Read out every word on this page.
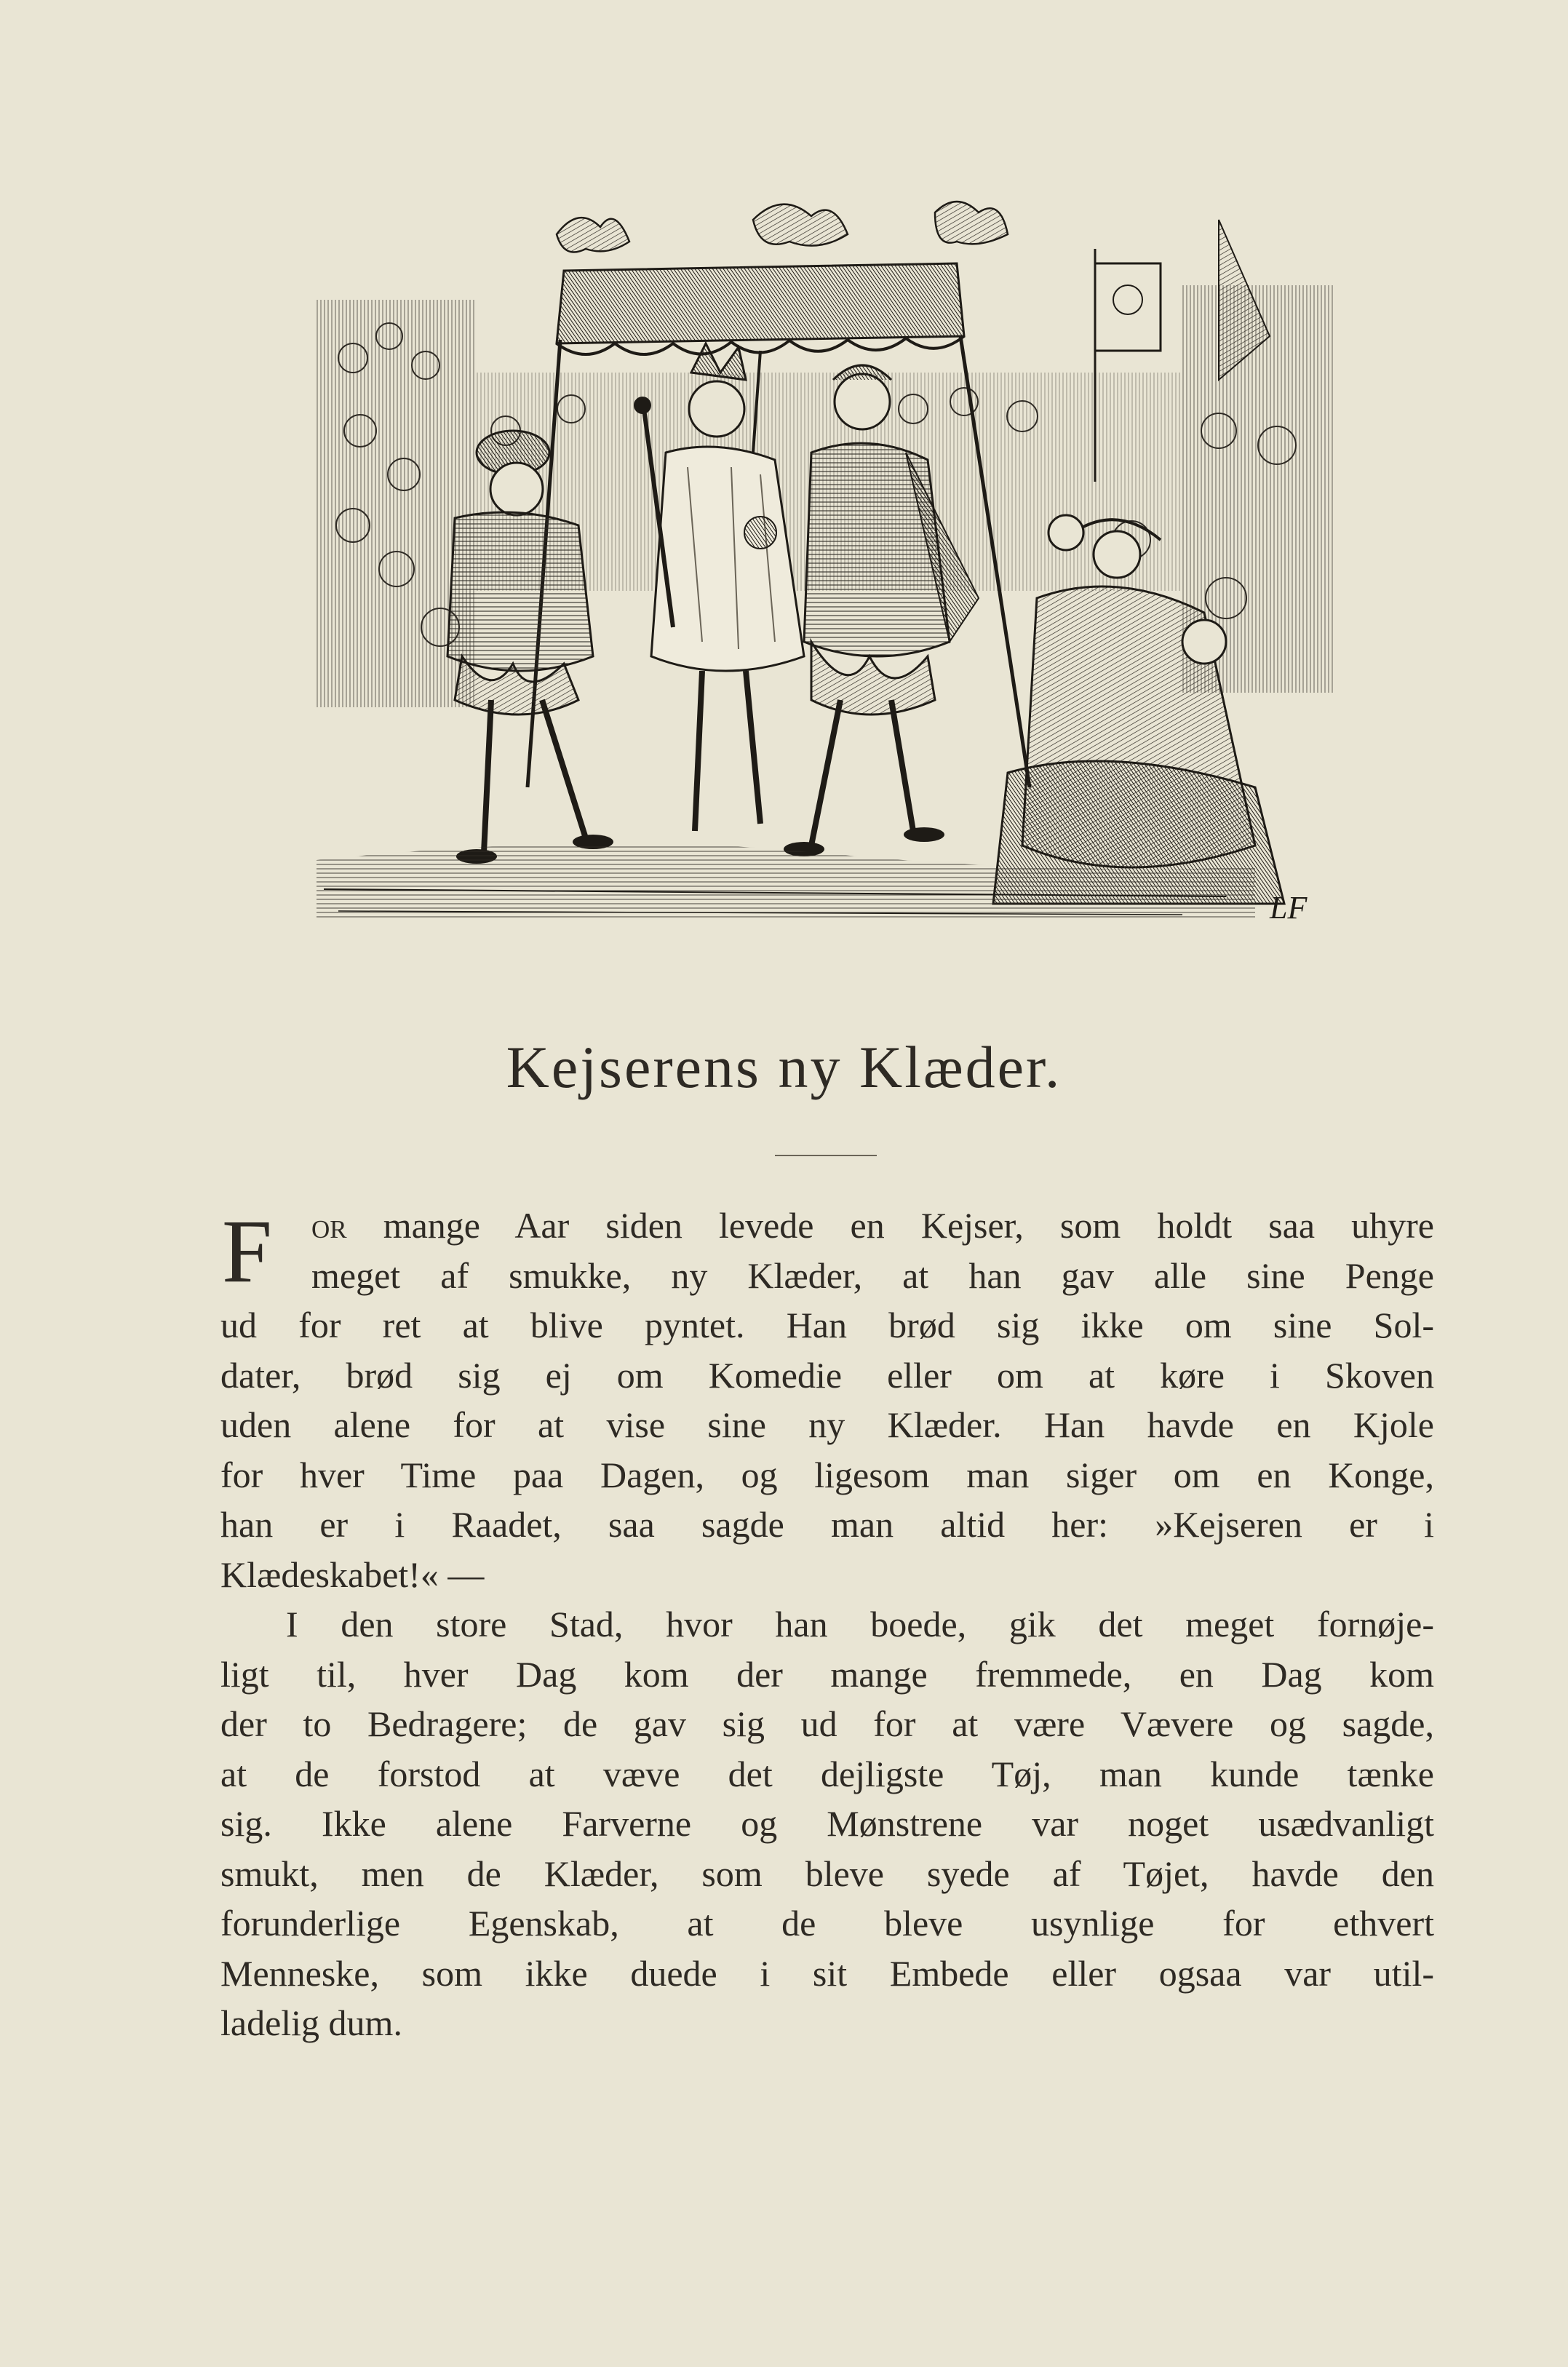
LF
Kejserens ny Klæder.
F	or mange Aar siden levede en Kejser, som holdt saa uhyre
meget af smukke, ny Klæder, at han gav alle sine Penge
ud for ret at blive pyntet. Han brød sig ikke om sine Sol-
dater, brød sig ej om Komedie eller om at køre i Skoven
uden alene for at vise sine ny Klæder. Han havde en Kjole
for hver Time paa Dagen, og ligesom man siger om en Konge,
han er i Raadet, saa sagde man altid her: »Kejseren er i
Klædeskabet!« —
I den store Stad, hvor han boede, gik det meget fornøje-
ligt til, hver Dag kom der mange fremmede, en Dag kom
der to Bedragere; de gav sig ud for at være Vævere og sagde,
at de forstod at væve det dejligste Tøj, man kunde tænke
sig. Ikke alene Farverne og Mønstrene var noget usædvanligt
smukt, men de Klæder, som bleve syede af Tøjet, havde den
forunderlige Egenskab, at de bleve usynlige for ethvert
Menneske, som ikke duede i sit Embede eller ogsaa var util-
ladelig dum.
